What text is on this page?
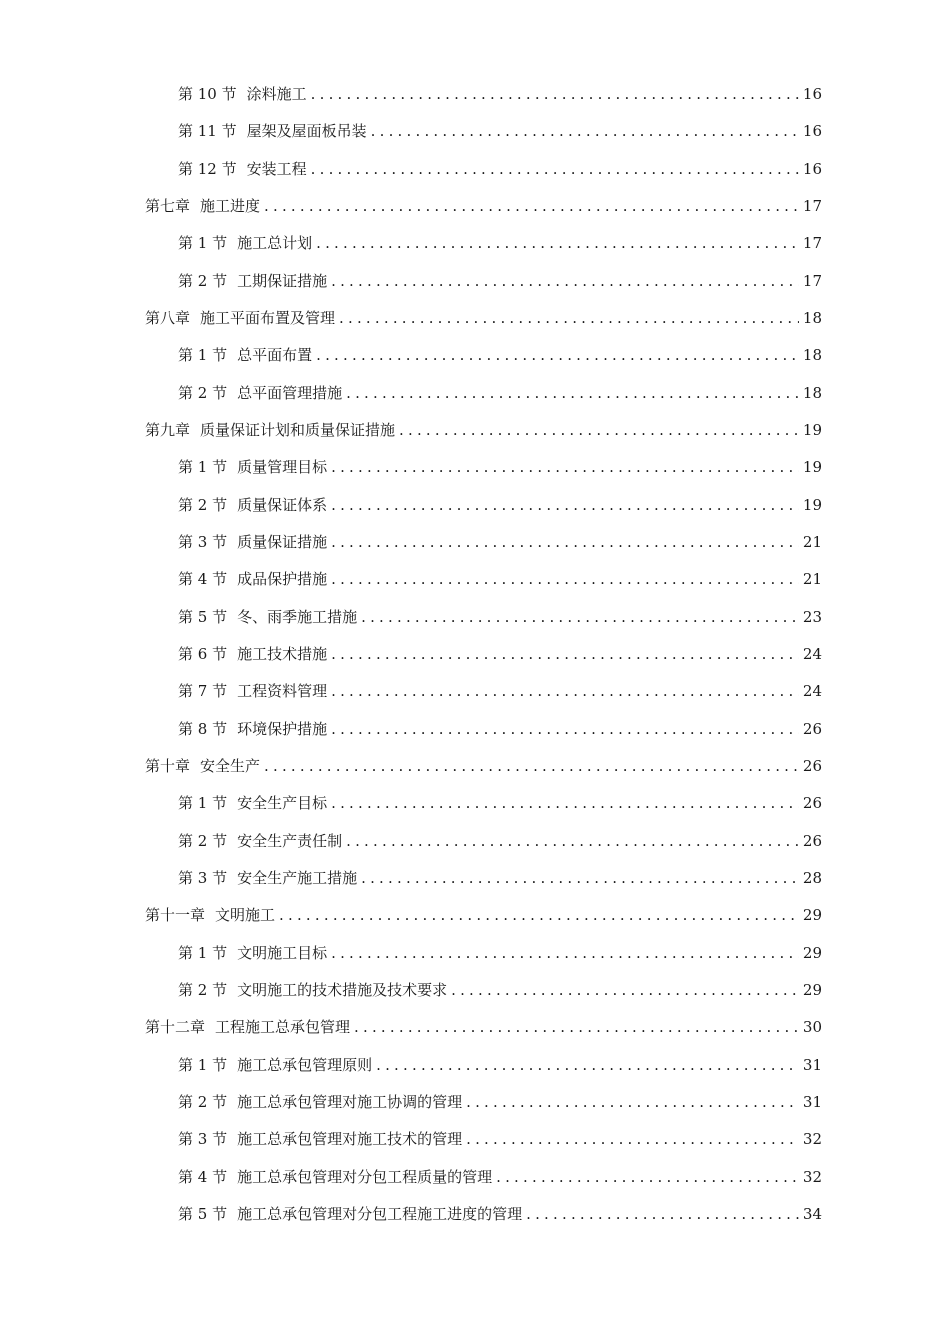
第 10 节 涂料施工 .....	16
第 11 节 屋架及屋面板吊装 .....	16
第 12 节 安装工程 .....	16
第七章 施工进度 .....	17
第 1 节 施工总计划 .....	17
第 2 节 工期保证措施 .....	17
第八章 施工平面布置及管理 .....	18
第 1 节 总平面布置 .....	18
第 2 节 总平面管理措施 .....	18
第九章 质量保证计划和质量保证措施 .....	19
第 1 节 质量管理目标 .....	19
第 2 节 质量保证体系 .....	19
第 3 节 质量保证措施 .....	21
第 4 节 成品保护措施 .....	21
第 5 节 冬、雨季施工措施 .....	23
第 6 节 施工技术措施 .....	24
第 7 节 工程资料管理 .....	24
第 8 节 环境保护措施 .....	26
第十章 安全生产 .....	26
第 1 节 安全生产目标 .....	26
第 2 节 安全生产责任制 .....	26
第 3 节 安全生产施工措施 .....	28
第十一章 文明施工 .....	29
第 1 节 文明施工目标 .....	29
第 2 节 文明施工的技术措施及技术要求 .....	29
第十二章 工程施工总承包管理 .....	30
第 1 节 施工总承包管理原则 .....	31
第 2 节 施工总承包管理对施工协调的管理 .....	31
第 3 节 施工总承包管理对施工技术的管理 .....	32
第 4 节 施工总承包管理对分包工程质量的管理 .....	32
第 5 节 施工总承包管理对分包工程施工进度的管理 .....	34
